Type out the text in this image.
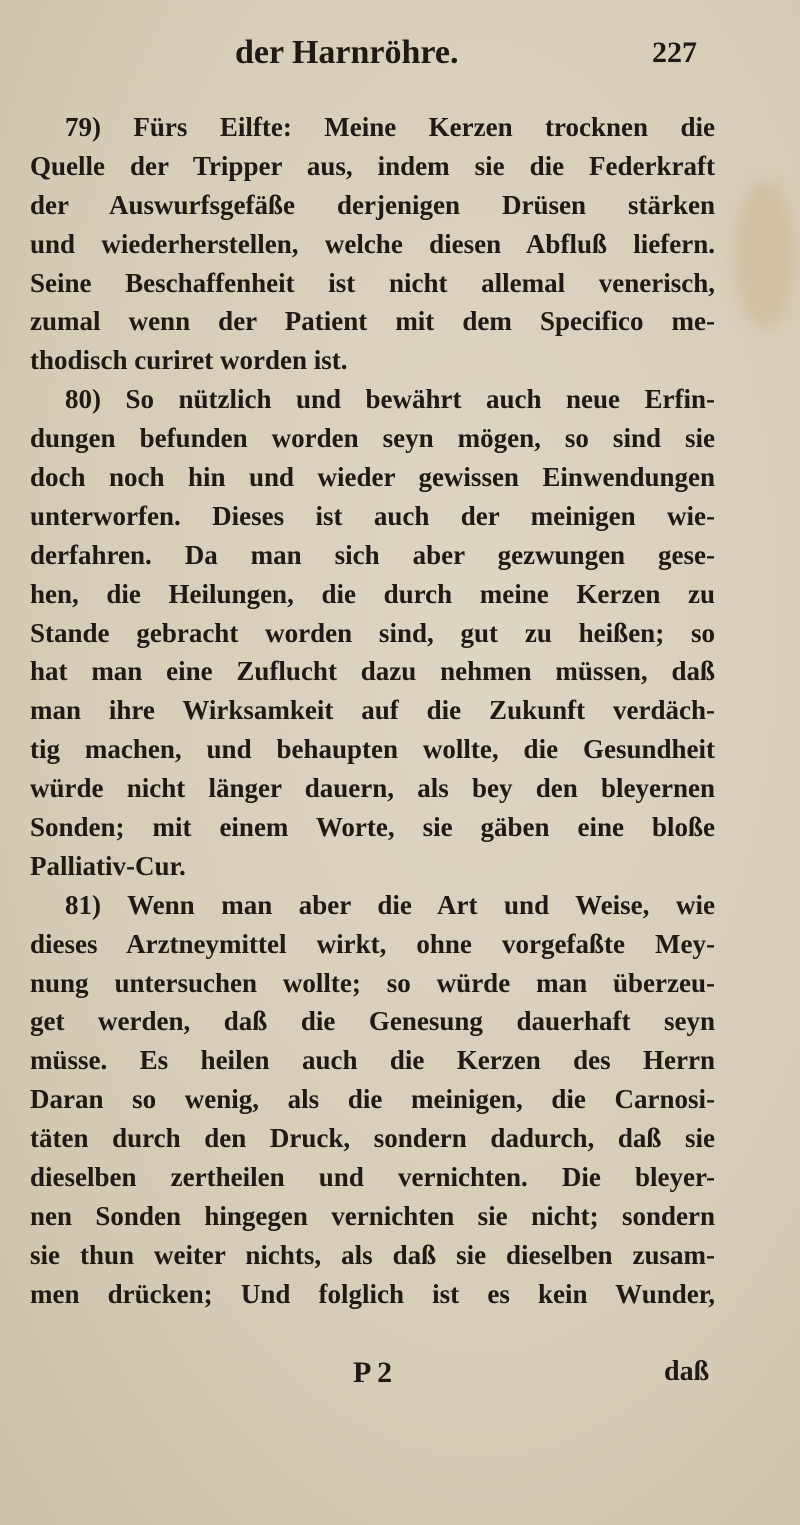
der Harnröhre.	227
79) Fürs Eilfte: Meine Kerzen trocknen die
Quelle der Tripper aus, indem sie die Federkraft
der Auswurfsgefäße derjenigen Drüsen stärken
und wiederherstellen, welche diesen Abfluß liefern.
Seine Beschaffenheit ist nicht allemal venerisch,
zumal wenn der Patient mit dem Specifico me-
thodisch curiret worden ist.
80) So nützlich und bewährt auch neue Erfin-
dungen befunden worden seyn mögen, so sind sie
doch noch hin und wieder gewissen Einwendungen
unterworfen. Dieses ist auch der meinigen wie-
derfahren. Da man sich aber gezwungen gese-
hen, die Heilungen, die durch meine Kerzen zu
Stande gebracht worden sind, gut zu heißen; so
hat man eine Zuflucht dazu nehmen müssen, daß
man ihre Wirksamkeit auf die Zukunft verdäch-
tig machen, und behaupten wollte, die Gesundheit
würde nicht länger dauern, als bey den bleyernen
Sonden; mit einem Worte, sie gäben eine bloße
Palliativ-Cur.
81) Wenn man aber die Art und Weise, wie
dieses Arztneymittel wirkt, ohne vorgefaßte Mey-
nung untersuchen wollte; so würde man überzeu-
get werden, daß die Genesung dauerhaft seyn
müsse. Es heilen auch die Kerzen des Herrn
Daran so wenig, als die meinigen, die Carnosi-
täten durch den Druck, sondern dadurch, daß sie
dieselben zertheilen und vernichten. Die bleyer-
nen Sonden hingegen vernichten sie nicht; sondern
sie thun weiter nichts, als daß sie dieselben zusam-
men drücken; Und folglich ist es kein Wunder,
P 2	daß
